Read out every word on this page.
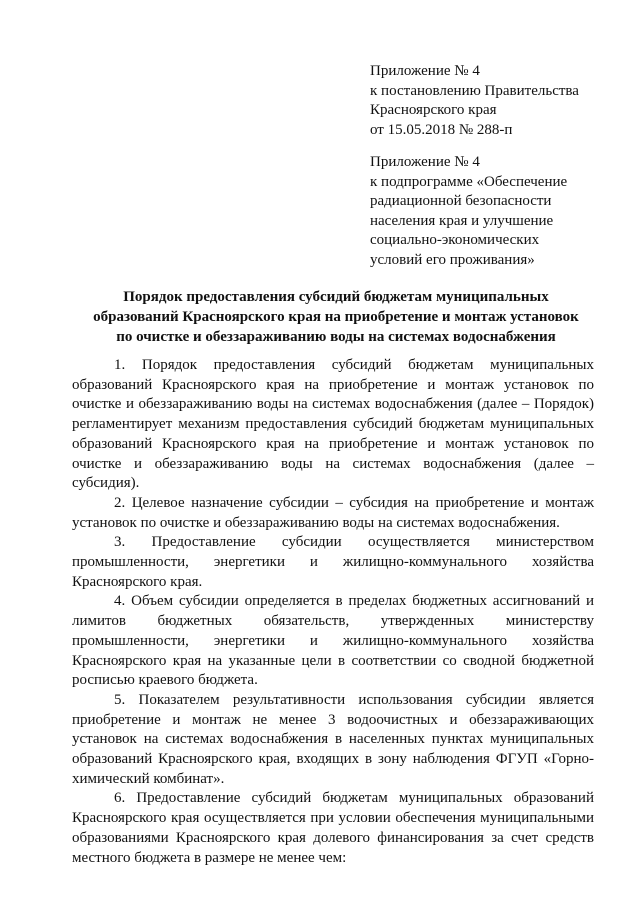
Приложение № 4
к постановлению Правительства
Красноярского края
от 15.05.2018 № 288-п
Приложение № 4
к подпрограмме «Обеспечение
радиационной безопасности
населения края и улучшение
социально-экономических
условий его проживания»
Порядок предоставления субсидий бюджетам муниципальных
образований Красноярского края на приобретение и монтаж установок
по очистке и обеззараживанию воды на системах водоснабжения

1. Порядок предоставления субсидий бюджетам муниципальных образований Красноярского края на приобретение и монтаж установок по очистке и обеззараживанию воды на системах водоснабжения (далее – Порядок) регламентирует механизм предоставления субсидий бюджетам муниципальных образований Красноярского края на приобретение и монтаж установок по очистке и обеззараживанию воды на системах водоснабжения (далее – субсидия).

2. Целевое назначение субсидии – субсидия на приобретение и монтаж установок по очистке и обеззараживанию воды на системах водоснабжения.

3. Предоставление субсидии осуществляется министерством промышленности, энергетики и жилищно-коммунального хозяйства Красноярского края.

4. Объем субсидии определяется в пределах бюджетных ассигнований и лимитов бюджетных обязательств, утвержденных министерству промышленности, энергетики и жилищно-коммунального хозяйства Красноярского края на указанные цели в соответствии со сводной бюджетной росписью краевого бюджета.

5. Показателем результативности использования субсидии является приобретение и монтаж не менее 3 водоочистных и обеззараживающих установок на системах водоснабжения в населенных пунктах муниципальных образований Красноярского края, входящих в зону наблюдения ФГУП «Горно-химический комбинат».

6. Предоставление субсидий бюджетам муниципальных образований Красноярского края осуществляется при условии обеспечения муниципальными образованиями Красноярского края долевого финансирования за счет средств местного бюджета в размере не менее чем:
